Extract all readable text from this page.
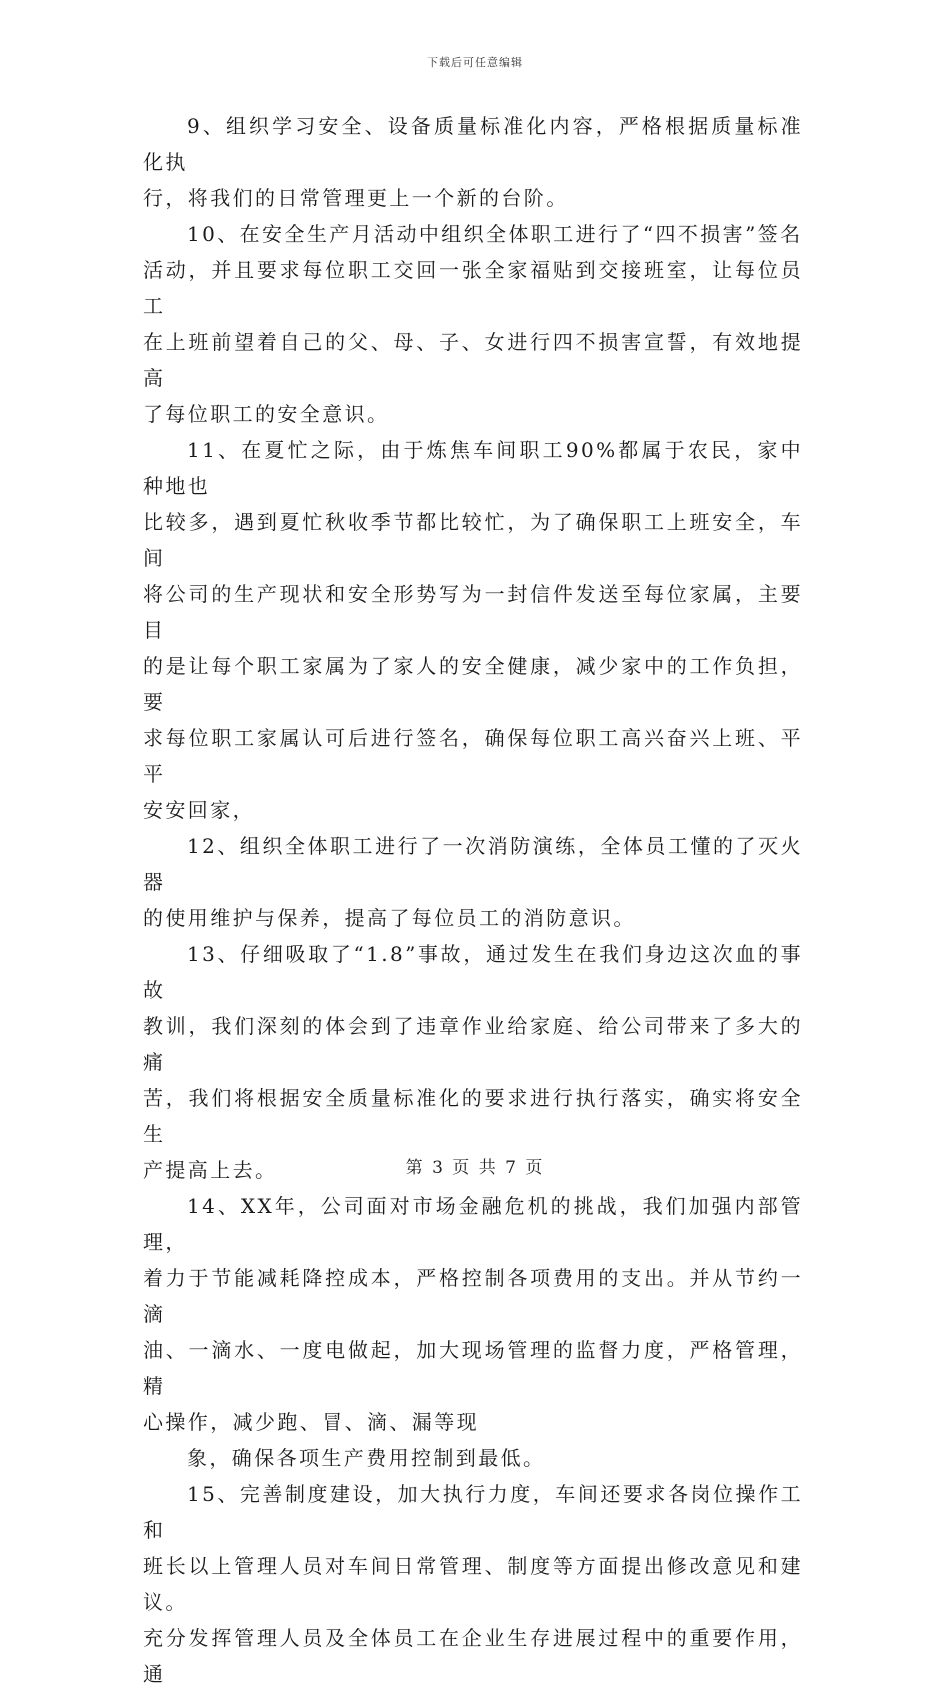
下载后可任意编辑

9、组织学习安全、设备质量标准化内容，严格根据质量标准化执
行，将我们的日常管理更上一个新的台阶。

10、在安全生产月活动中组织全体职工进行了“四不损害”签名
活动，并且要求每位职工交回一张全家福贴到交接班室，让每位员工
在上班前望着自己的父、母、子、女进行四不损害宣誓，有效地提高
了每位职工的安全意识。

11、在夏忙之际，由于炼焦车间职工90%都属于农民，家中种地也
比较多，遇到夏忙秋收季节都比较忙，为了确保职工上班安全，车间
将公司的生产现状和安全形势写为一封信件发送至每位家属，主要目
的是让每个职工家属为了家人的安全健康，减少家中的工作负担，要
求每位职工家属认可后进行签名，确保每位职工高兴奋兴上班、平平
安安回家，

12、组织全体职工进行了一次消防演练，全体员工懂的了灭火器
的使用维护与保养，提高了每位员工的消防意识。

13、仔细吸取了“1.8”事故，通过发生在我们身边这次血的事故
教训，我们深刻的体会到了违章作业给家庭、给公司带来了多大的痛
苦，我们将根据安全质量标准化的要求进行执行落实，确实将安全生
产提高上去。

14、XX年，公司面对市场金融危机的挑战，我们加强内部管理，
着力于节能减耗降控成本，严格控制各项费用的支出。并从节约一滴
油、一滴水、一度电做起，加大现场管理的监督力度，严格管理，精
心操作，减少跑、冒、滴、漏等现

象，确保各项生产费用控制到最低。

15、完善制度建设，加大执行力度，车间还要求各岗位操作工和
班长以上管理人员对车间日常管理、制度等方面提出修改意见和建议。
充分发挥管理人员及全体员工在企业生存进展过程中的重要作用，通

第 3 页 共 7 页
